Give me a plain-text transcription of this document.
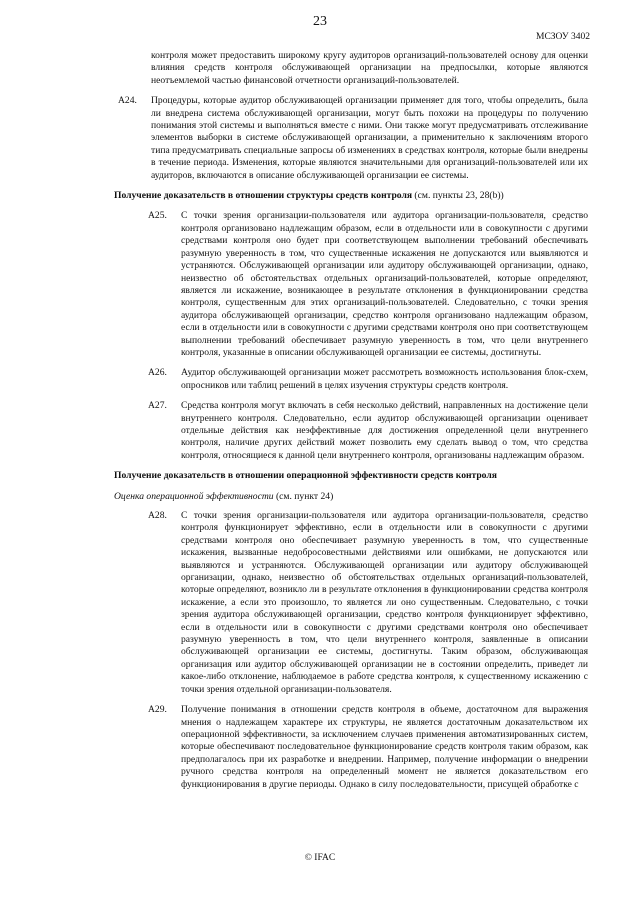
23
МСЗОУ 3402

контроля может предоставить широкому кругу аудиторов организаций-пользователей основу для оценки влияния средств контроля обслуживающей организации на предпосылки, которые являются неотъемлемой частью финансовой отчетности организаций-пользователей.

A24.	Процедуры, которые аудитор обслуживающей организации применяет для того, чтобы определить, была ли внедрена система обслуживающей организации, могут быть похожи на процедуры по получению понимания этой системы и выполняться вместе с ними. Они также могут предусматривать отслеживание элементов выборки в системе обслуживающей организации, а применительно к заключениям второго типа предусматривать специальные запросы об изменениях в средствах контроля, которые были внедрены в течение периода. Изменения, которые являются значительными для организаций-пользователей или их аудиторов, включаются в описание обслуживающей организации ее системы.

Получение доказательств в отношении структуры средств контроля (см. пункты 23, 28(b))

A25.	С точки зрения организации-пользователя или аудитора организации-пользователя, средство контроля организовано надлежащим образом, если в отдельности или в совокупности с другими средствами контроля оно будет при соответствующем выполнении требований обеспечивать разумную уверенность в том, что существенные искажения не допускаются или выявляются и устраняются. Обслуживающей организации или аудитору обслуживающей организации, однако, неизвестно об обстоятельствах отдельных организаций-пользователей, которые определяют, является ли искажение, возникающее в результате отклонения в функционировании средства контроля, существенным для этих организаций-пользователей. Следовательно, с точки зрения аудитора обслуживающей организации, средство контроля организовано надлежащим образом, если в отдельности или в совокупности с другими средствами контроля оно при соответствующем выполнении требований обеспечивает разумную уверенность в том, что цели внутреннего контроля, указанные в описании обслуживающей организации ее системы, достигнуты.

A26.	Аудитор обслуживающей организации может рассмотреть возможность использования блок-схем, опросников или таблиц решений в целях изучения структуры средств контроля.

A27.	Средства контроля могут включать в себя несколько действий, направленных на достижение цели внутреннего контроля. Следовательно, если аудитор обслуживающей организации оценивает отдельные действия как неэффективные для достижения определенной цели внутреннего контроля, наличие других действий может позволить ему сделать вывод о том, что средства контроля, относящиеся к данной цели внутреннего контроля, организованы надлежащим образом.

Получение доказательств в отношении операционной эффективности средств контроля

Оценка операционной эффективности (см. пункт 24)

A28.	С точки зрения организации-пользователя или аудитора организации-пользователя, средство контроля функционирует эффективно, если в отдельности или в совокупности с другими средствами контроля оно обеспечивает разумную уверенность в том, что существенные искажения, вызванные недобросовестными действиями или ошибками, не допускаются или выявляются и устраняются. Обслуживающей организации или аудитору обслуживающей организации, однако, неизвестно об обстоятельствах отдельных организаций-пользователей, которые определяют, возникло ли в результате отклонения в функционировании средства контроля искажение, а если это произошло, то является ли оно существенным. Следовательно, с точки зрения аудитора обслуживающей организации, средство контроля функционирует эффективно, если в отдельности или в совокупности с другими средствами контроля оно обеспечивает разумную уверенность в том, что цели внутреннего контроля, заявленные в описании обслуживающей организации ее системы, достигнуты. Таким образом, обслуживающая организация или аудитор обслуживающей организации не в состоянии определить, приведет ли какое-либо отклонение, наблюдаемое в работе средства контроля, к существенному искажению с точки зрения отдельной организации-пользователя.

A29.	Получение понимания в отношении средств контроля в объеме, достаточном для выражения мнения о надлежащем характере их структуры, не является достаточным доказательством их операционной эффективности, за исключением случаев применения автоматизированных систем, которые обеспечивают последовательное функционирование средств контроля таким образом, как предполагалось при их разработке и внедрении. Например, получение информации о внедрении ручного средства контроля на определенный момент не является доказательством его функционирования в другие периоды. Однако в силу последовательности, присущей обработке с

© IFAC
